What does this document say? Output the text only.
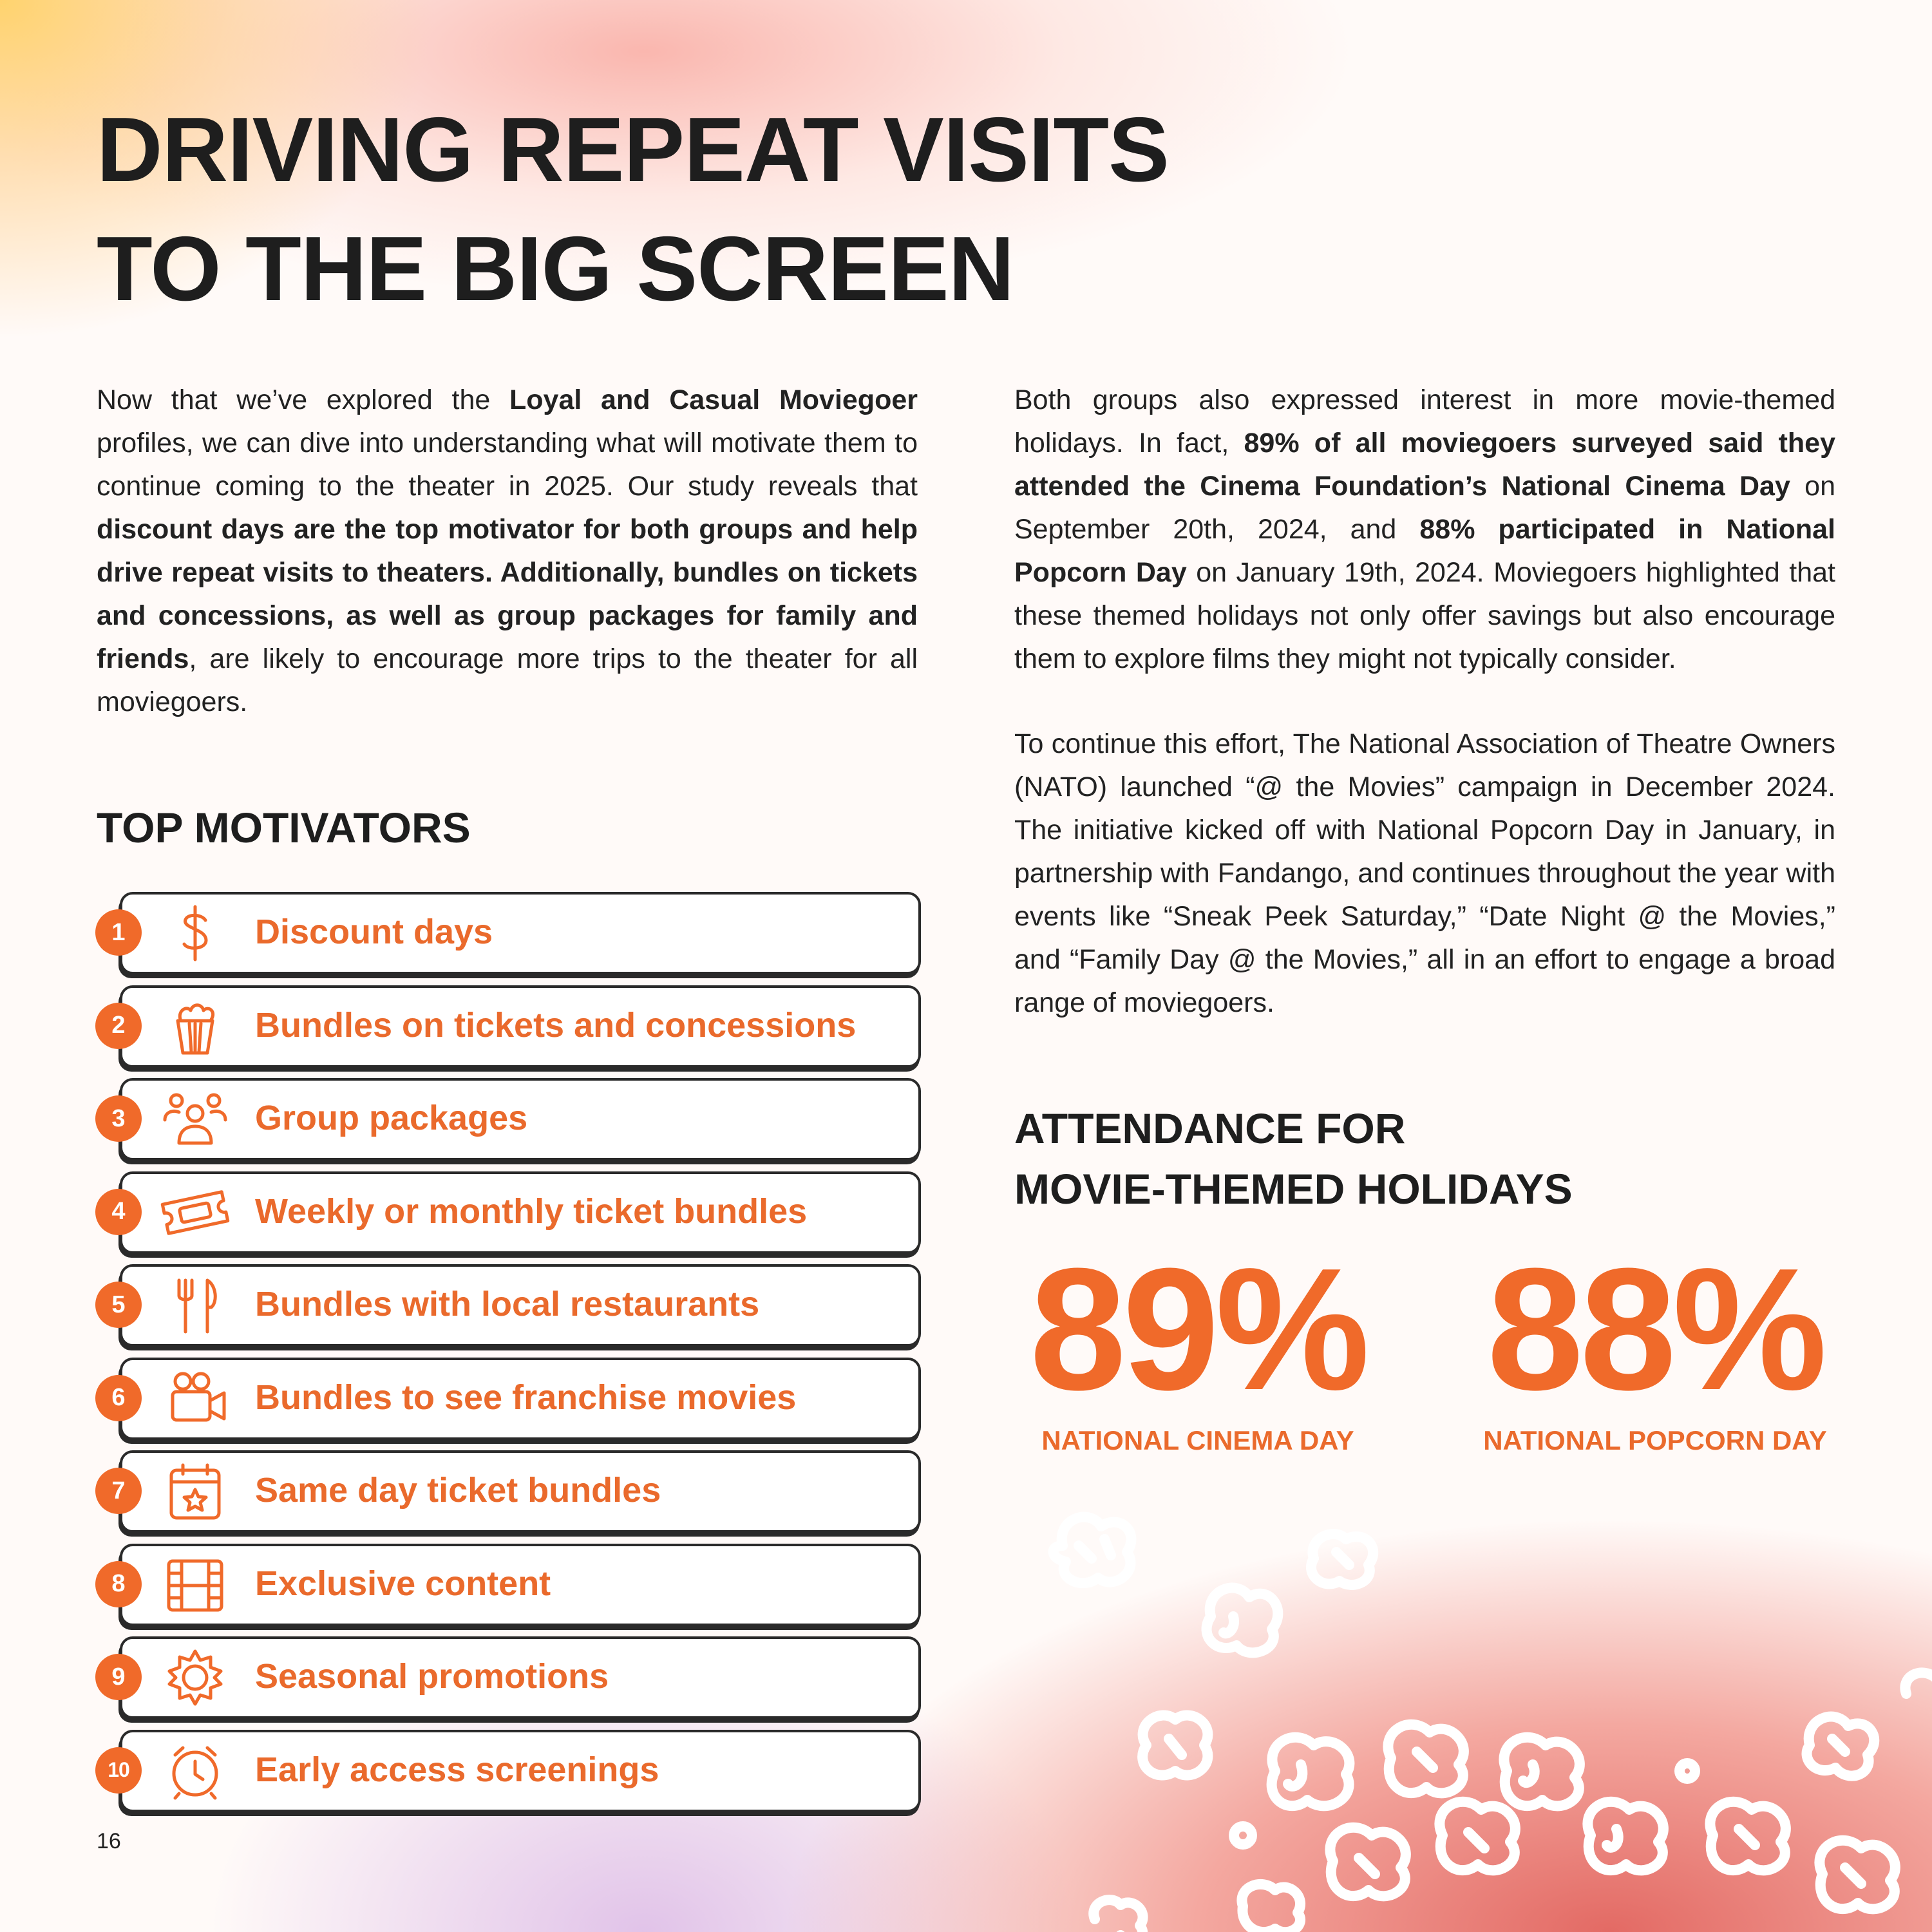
DRIVING REPEAT VISITS
TO THE BIG SCREEN

Now that we’ve explored the Loyal and Casual Moviegoer profiles, we can dive into understanding what will motivate them to continue coming to the theater in 2025. Our study reveals that discount days are the top motivator for both groups and help drive repeat visits to theaters. Additionally, bundles on tickets and concessions, as well as group packages for family and friends, are likely to encourage more trips to the theater for all moviegoers.

Both groups also expressed interest in more movie-themed holidays. In fact, 89% of all moviegoers surveyed said they attended the Cinema Foundation’s National Cinema Day on September 20th, 2024, and 88% participated in National Popcorn Day on January 19th, 2024. Moviegoers highlighted that these themed holidays not only offer savings but also encourage them to explore films they might not typically consider.

To continue this effort, The National Association of Theatre Owners (NATO) launched “@ the Movies” campaign in December 2024. The initiative kicked off with National Popcorn Day in January, in partnership with Fandango, and continues throughout the year with events like “Sneak Peek Saturday,” “Date Night @ the Movies,” and “Family Day @ the Movies,” all in an effort to engage a broad range of moviegoers.

TOP MOTIVATORS
1	Discount days
2	Bundles on tickets and concessions
3	Group packages
4	Weekly or monthly ticket bundles
5	Bundles with local restaurants
6	Bundles to see franchise movies
7	Same day ticket bundles
8	Exclusive content
9	Seasonal promotions
10	Early access screenings
ATTENDANCE FOR
MOVIE-THEMED HOLIDAYS
89%
NATIONAL CINEMA DAY
88%
NATIONAL POPCORN DAY
16
